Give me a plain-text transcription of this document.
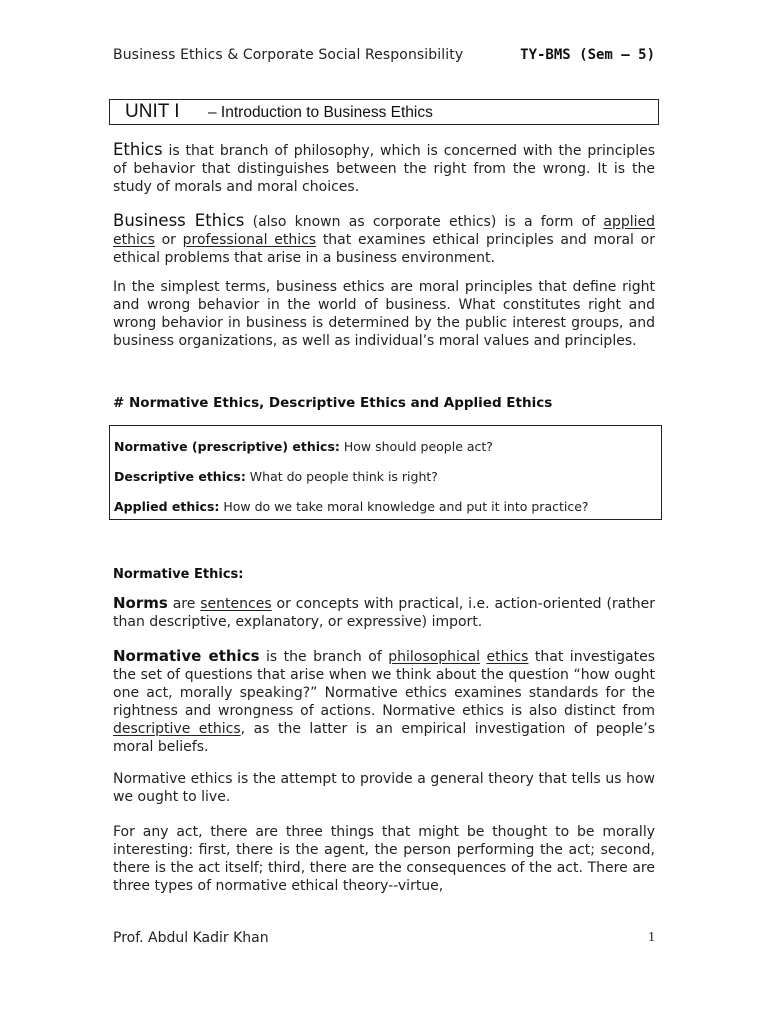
Business Ethics & Corporate Social Responsibility	TY-BMS (Sem – 5)
UNIT I – Introduction to Business Ethics

Ethics is that branch of philosophy, which is concerned with the principles of behavior that distinguishes between the right from the wrong. It is the study of morals and moral choices.

Business Ethics (also known as corporate ethics) is a form of applied ethics or professional ethics that examines ethical principles and moral or ethical problems that arise in a business environment.

In the simplest terms, business ethics are moral principles that define right and wrong behavior in the world of business. What constitutes right and wrong behavior in business is determined by the public interest groups, and business organizations, as well as individual’s moral values and principles.

# Normative Ethics, Descriptive Ethics and Applied Ethics
Normative (prescriptive) ethics: How should people act?
Descriptive ethics: What do people think is right?
Applied ethics: How do we take moral knowledge and put it into practice?
Normative Ethics:

Norms are sentences or concepts with practical, i.e. action-oriented (rather than descriptive, explanatory, or expressive) import.

Normative ethics is the branch of philosophical ethics that investigates the set of questions that arise when we think about the question “how ought one act, morally speaking?” Normative ethics examines standards for the rightness and wrongness of actions. Normative ethics is also distinct from descriptive ethics, as the latter is an empirical investigation of people’s moral beliefs.

Normative ethics is the attempt to provide a general theory that tells us how we ought to live.

For any act, there are three things that might be thought to be morally interesting: first, there is the agent, the person performing the act; second, there is the act itself; third, there are the consequences of the act. There are three types of normative ethical theory--virtue,

Prof. Abdul Kadir Khan	1
